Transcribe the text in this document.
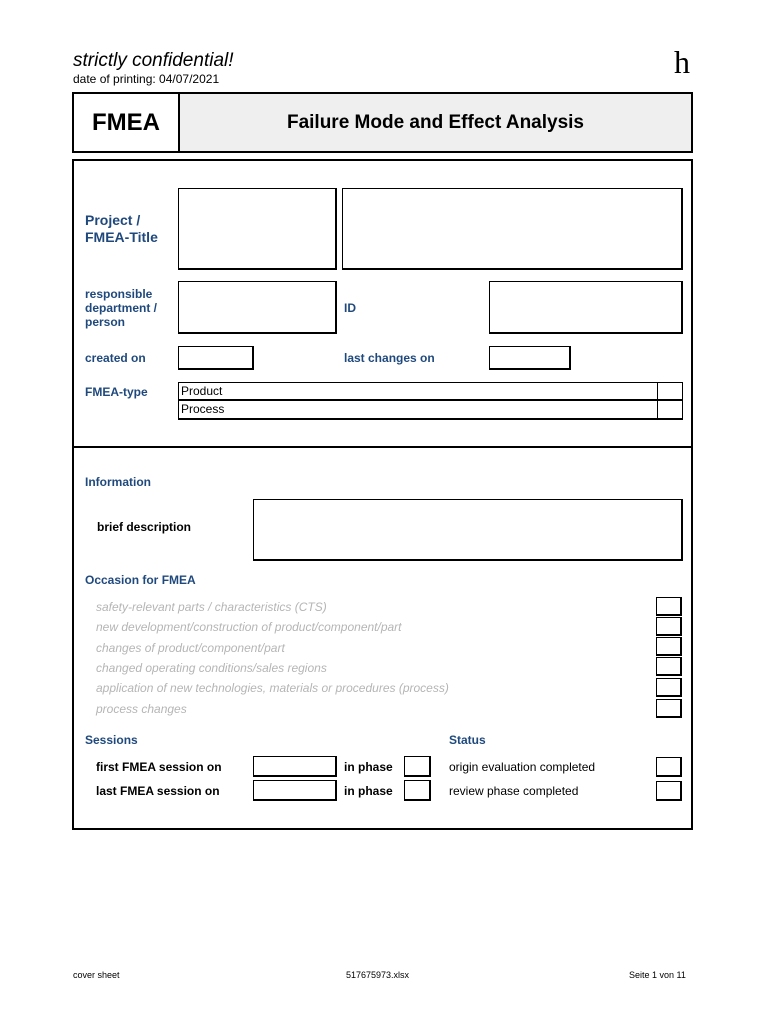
strictly confidential!
date of printing: 04/07/2021	h
FMEA	Failure Mode and Effect Analysis
Project /
FMEA-Title
responsible
department /
person
ID
created on	last changes on
FMEA-type	Product
Process
Information
brief description
Occasion for FMEA
safety-relevant parts / characteristics (CTS)
new development/construction of product/component/part
changes of product/component/part
changed operating conditions/sales regions
application of new technologies, materials or procedures (process)
process changes
Sessions	Status
first FMEA session on	in phase	origin evaluation completed
last FMEA session on	in phase	review phase completed
cover sheet	517675973.xlsx	Seite 1 von 11
